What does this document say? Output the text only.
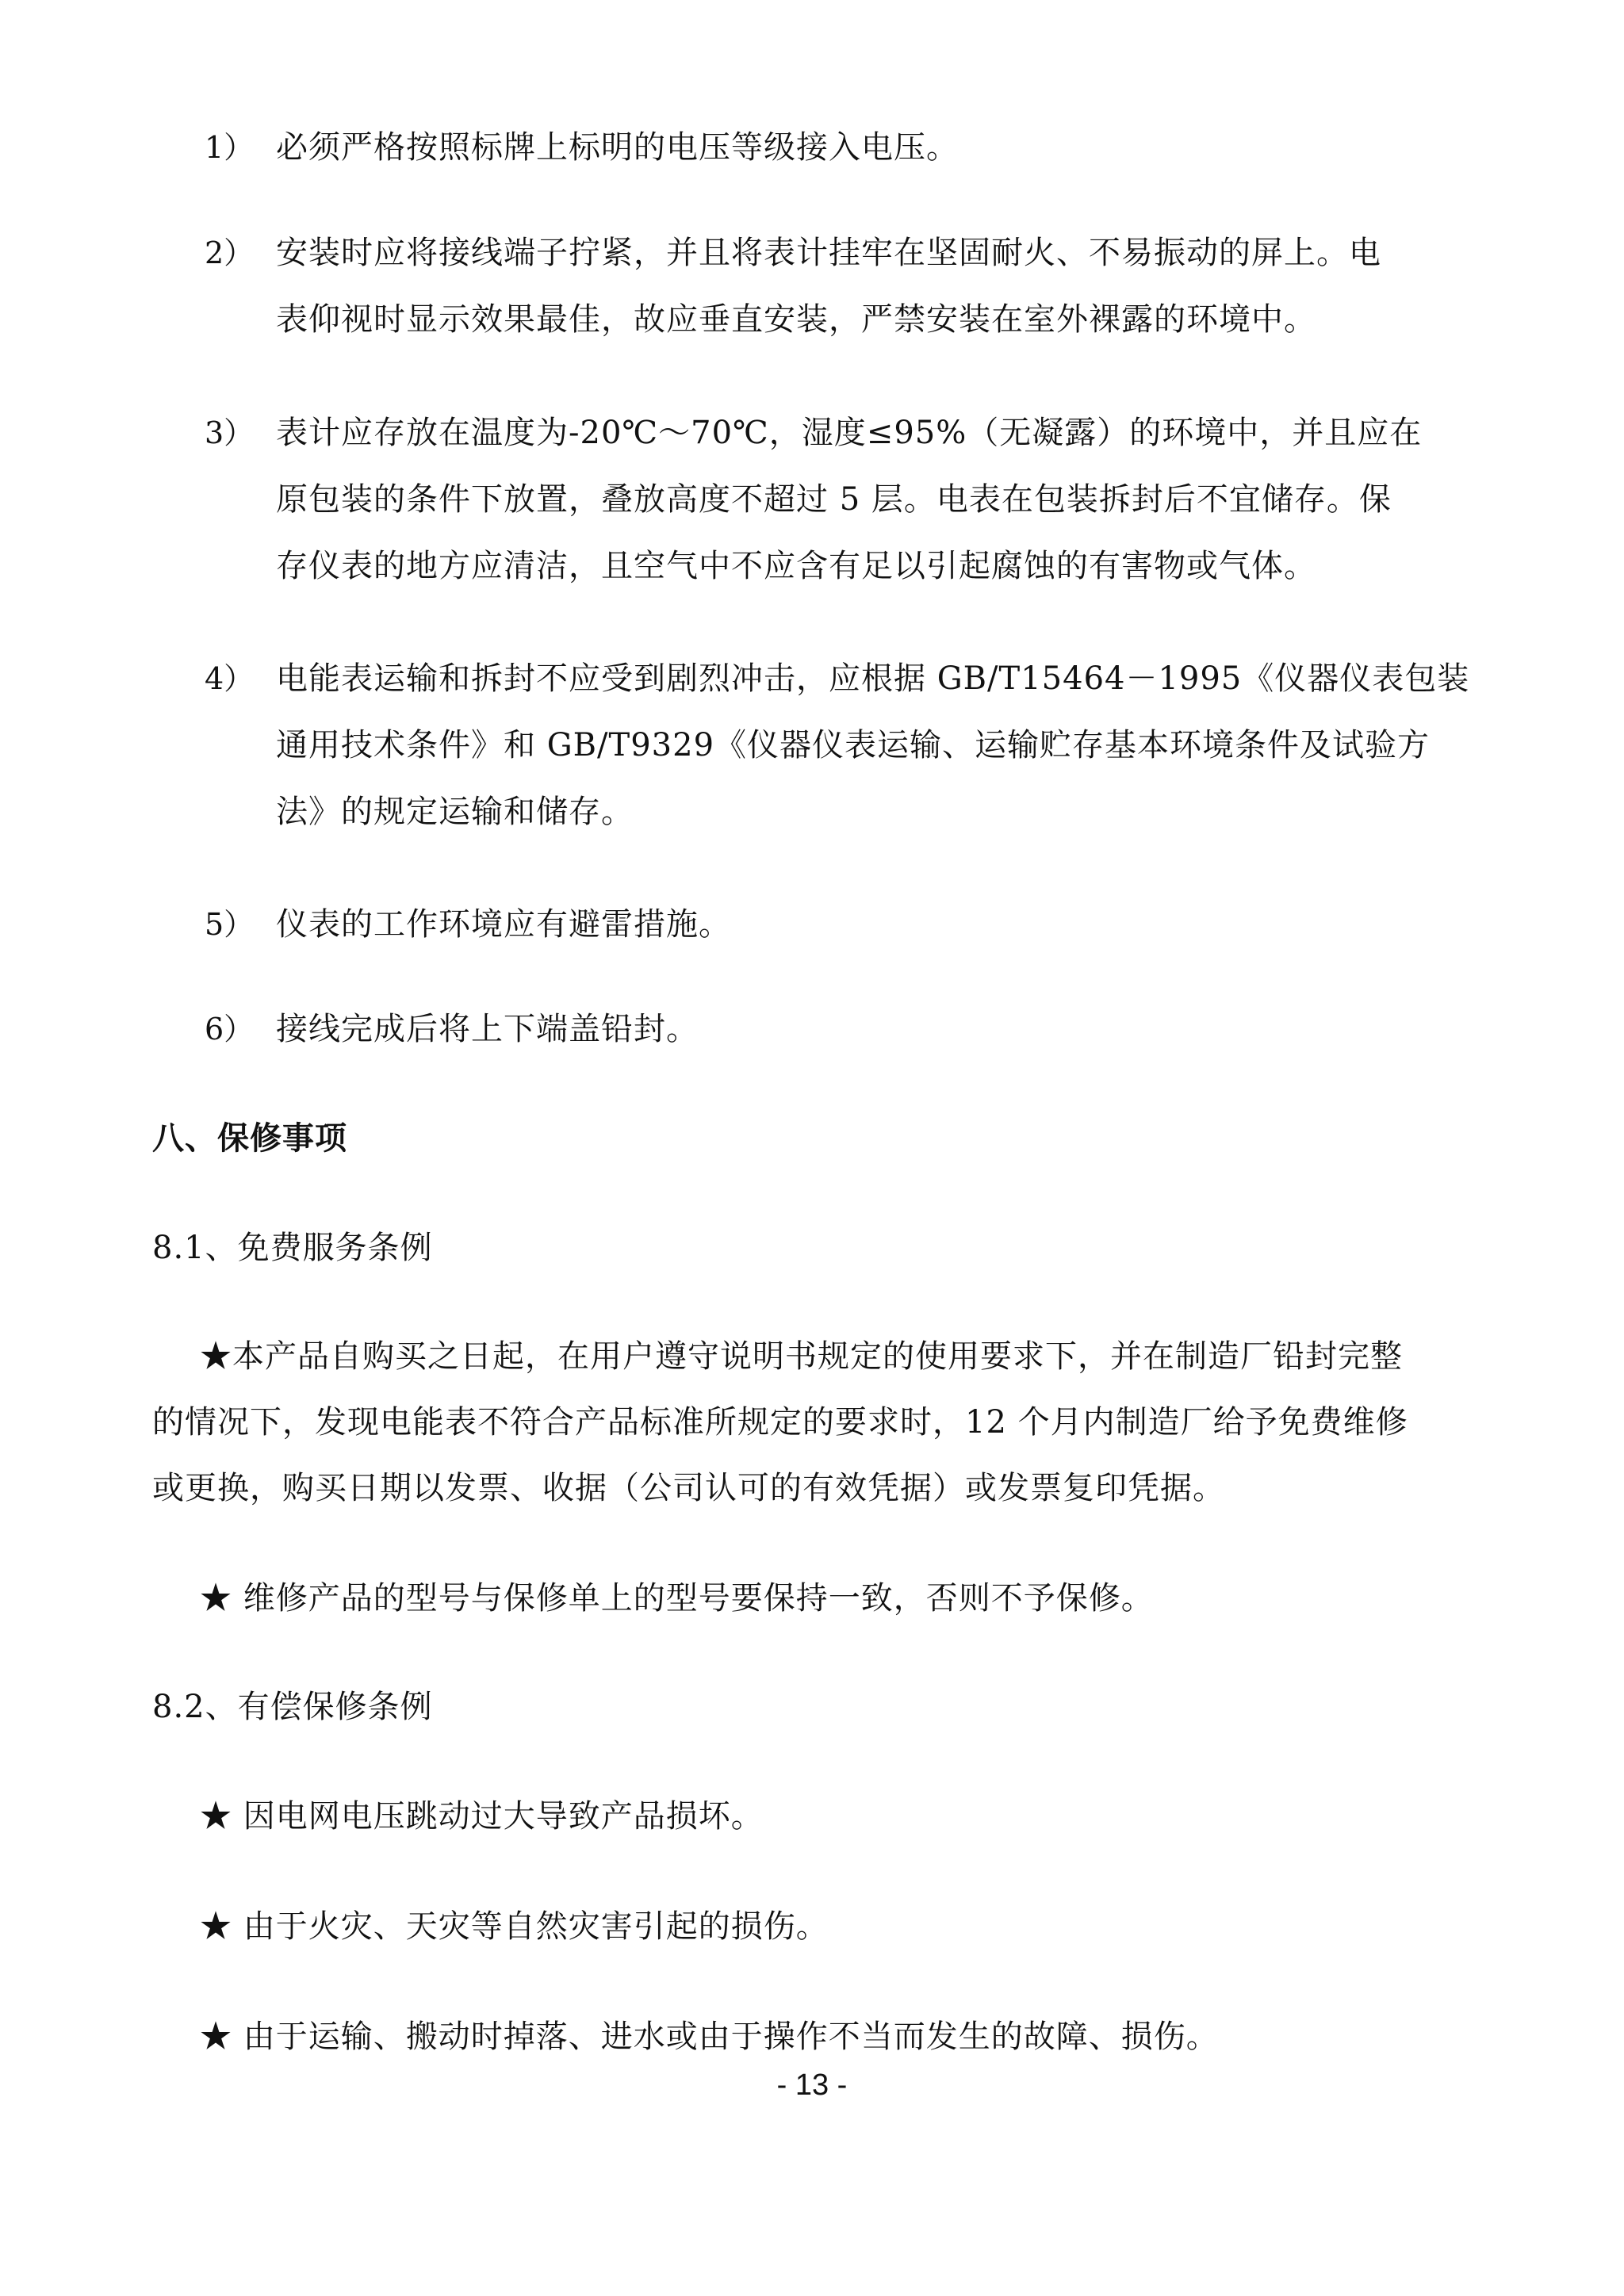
1） 必须严格按照标牌上标明的电压等级接入电压。
2） 安装时应将接线端子拧紧，并且将表计挂牢在坚固耐火、不易振动的屏上。电
表仰视时显示效果最佳，故应垂直安装，严禁安装在室外裸露的环境中。
3） 表计应存放在温度为-20℃～70℃，湿度≤95%（无凝露）的环境中，并且应在
原包装的条件下放置，叠放高度不超过 5 层。电表在包装拆封后不宜储存。保
存仪表的地方应清洁，且空气中不应含有足以引起腐蚀的有害物或气体。
4） 电能表运输和拆封不应受到剧烈冲击，应根据 GB/T15464－1995《仪器仪表包装
通用技术条件》和 GB/T9329《仪器仪表运输、运输贮存基本环境条件及试验方
法》的规定运输和储存。
5） 仪表的工作环境应有避雷措施。
6） 接线完成后将上下端盖铅封。
八、保修事项
8.1、免费服务条例
★本产品自购买之日起，在用户遵守说明书规定的使用要求下，并在制造厂铅封完整
的情况下，发现电能表不符合产品标准所规定的要求时，12 个月内制造厂给予免费维修
或更换，购买日期以发票、收据（公司认可的有效凭据）或发票复印凭据。
★ 维修产品的型号与保修单上的型号要保持一致，否则不予保修。
8.2、有偿保修条例
★ 因电网电压跳动过大导致产品损坏。
★ 由于火灾、天灾等自然灾害引起的损伤。
★ 由于运输、搬动时掉落、进水或由于操作不当而发生的故障、损伤。
- 13 -
